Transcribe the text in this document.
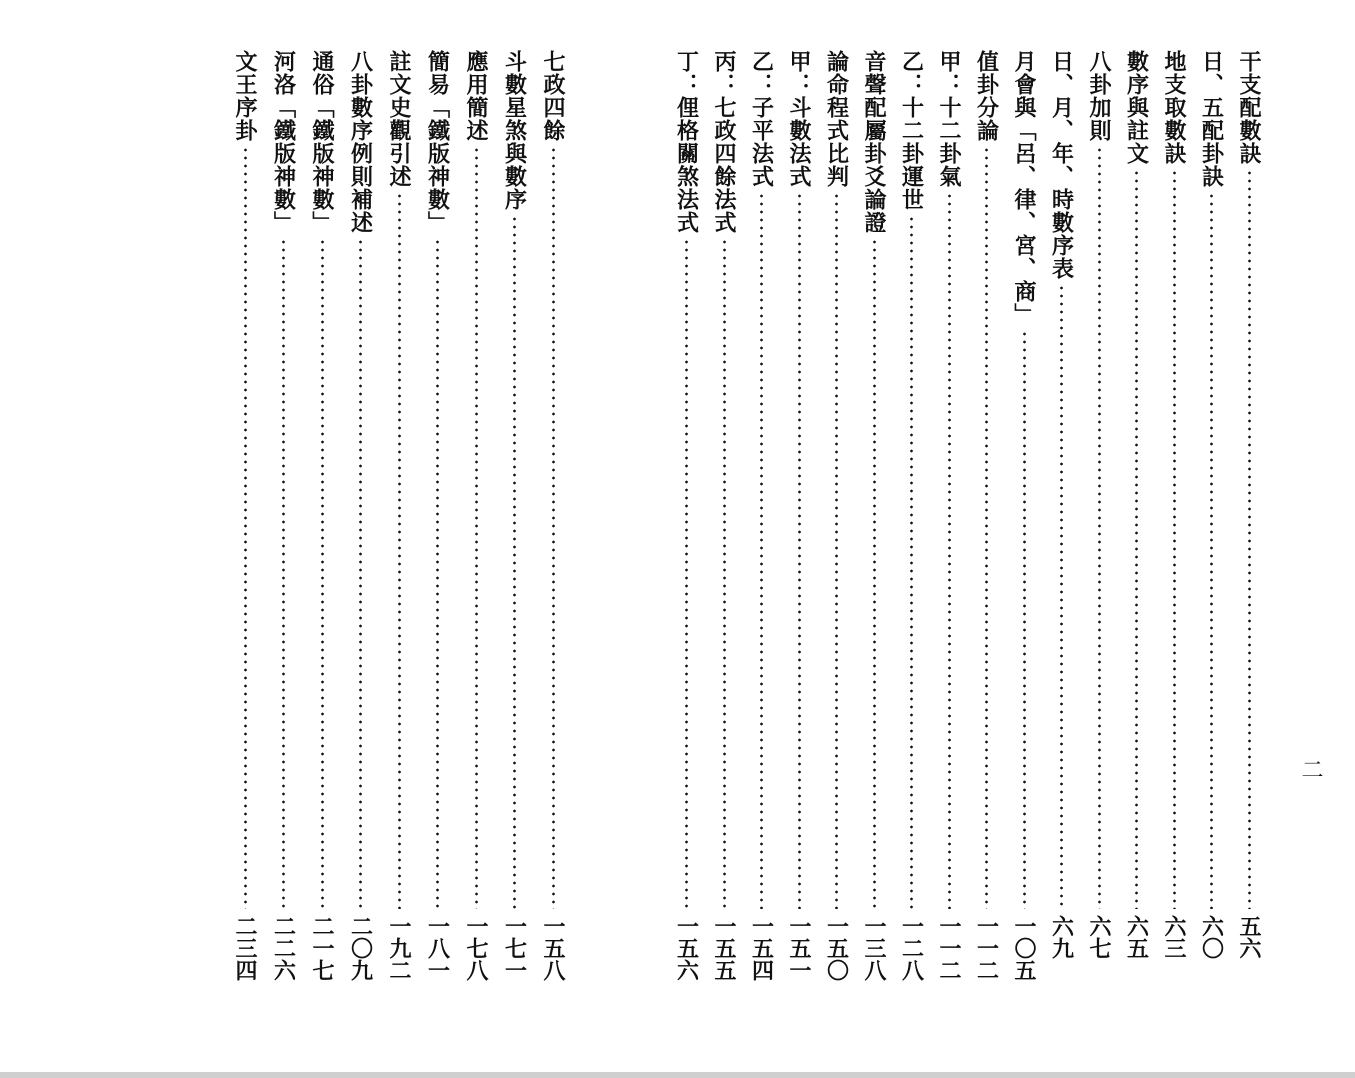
二
干支配數訣
五六
日、五配卦訣
六〇
地支取數訣
六三
數序與註文
六五
八卦加則
六七
日、月、年、時數序表
六九
月會與「呂、律、宮、商」
一〇五
值卦分論
一一二
甲：十二卦氣
一一二
乙：十二卦運世
一二八
音聲配屬卦爻論證
一三八
論命程式比判
一五〇
甲：斗數法式
一五一
乙：子平法式
一五四
丙：七政四餘法式
一五五
丁：俚格關煞法式
一五六
七政四餘
一五八
斗數星煞與數序
一七一
應用簡述
一七八
簡易「鐵版神數」
一八一
註文史觀引述
一九二
八卦數序例則補述
二〇九
通俗「鐵版神數」
二一七
河洛「鐵版神數」
二二六
文王序卦
二三四
